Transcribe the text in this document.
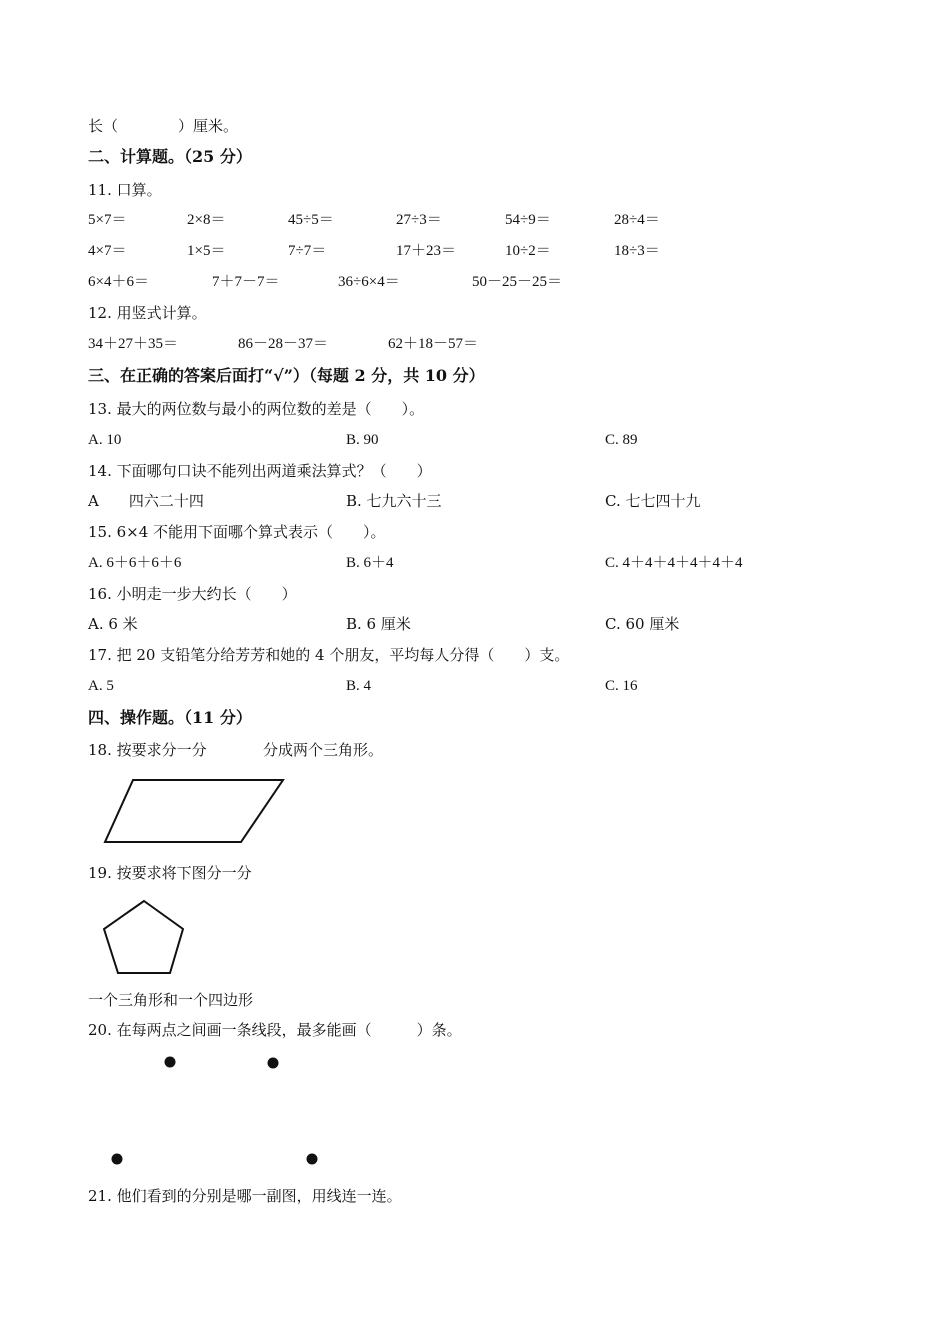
长（　　　　）厘米。
二、计算题。（25 分）
11. 口算。
5×7＝	2×8＝	45÷5＝	27÷3＝	54÷9＝	28÷4＝
4×7＝	1×5＝	7÷7＝	17＋23＝	10÷2＝	18÷3＝
6×4＋6＝	7＋7－7＝	36÷6×4＝	50－25－25＝
12. 用竖式计算。
34＋27＋35＝	86－28－37＝	62＋18－57＝
三、在正确的答案后面打“√”）（每题 2 分，共 10 分）
13. 最大的两位数与最小的两位数的差是（　　）。
A. 10	B. 90	C. 89
14. 下面哪句口诀不能列出两道乘法算式？（　　）
A　　四六二十四	B. 七九六十三	C. 七七四十九
15. 6×4 不能用下面哪个算式表示（　　）。
A. 6＋6＋6＋6	B. 6＋4	C. 4＋4＋4＋4＋4＋4
16. 小明走一步大约长（　　）
A. 6 米	B. 6 厘米	C. 60 厘米
17. 把 20 支铅笔分给芳芳和她的 4 个朋友，平均每人分得（　　）支。
A. 5	B. 4	C. 16
四、操作题。（11 分）
18. 按要求分一分	分成两个三角形。
19. 按要求将下图分一分
一个三角形和一个四边形
20. 在每两点之间画一条线段，最多能画（　　　）条。
21. 他们看到的分别是哪一副图，用线连一连。
